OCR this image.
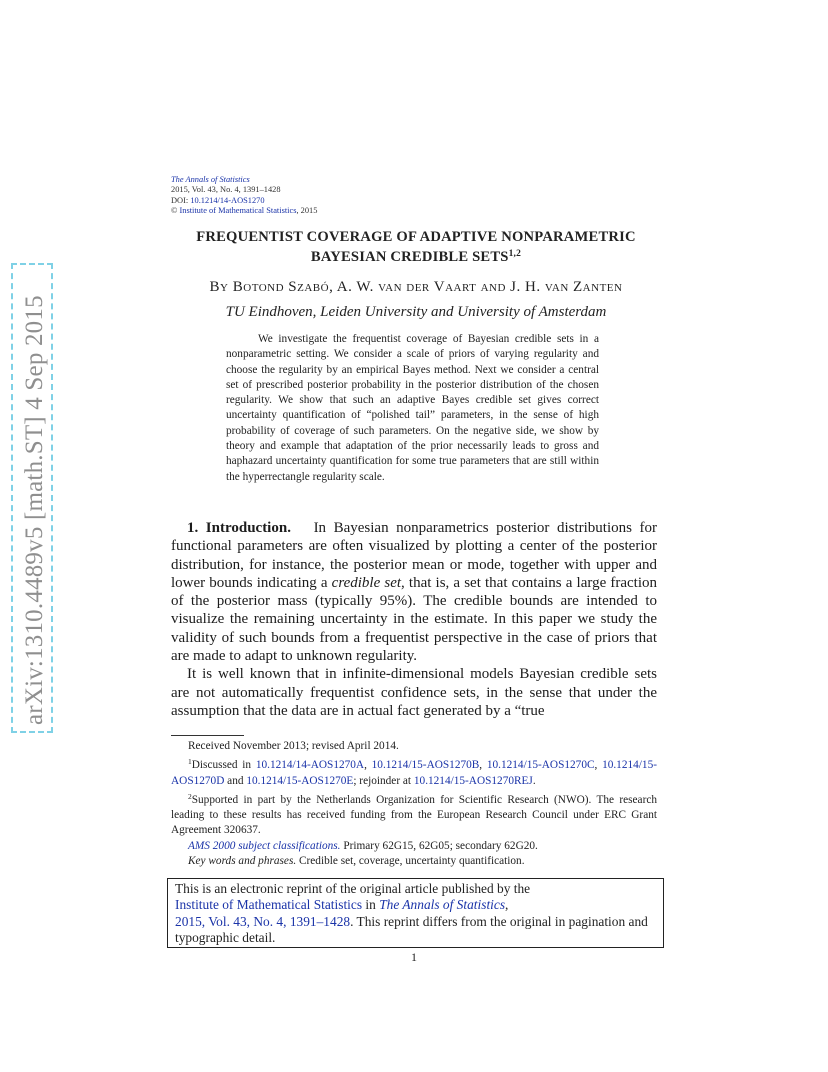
arXiv:1310.4489v5 [math.ST] 4 Sep 2015
The Annals of Statistics
2015, Vol. 43, No. 4, 1391–1428
DOI: 10.1214/14-AOS1270
© Institute of Mathematical Statistics, 2015
FREQUENTIST COVERAGE OF ADAPTIVE NONPARAMETRIC
BAYESIAN CREDIBLE SETS$^{1,2}$
By Botond Szabó, A. W. van der Vaart and J. H. van Zanten
TU Eindhoven, Leiden University and University of Amsterdam
We investigate the frequentist coverage of Bayesian credible sets in a nonparametric setting. We consider a scale of priors of varying regularity and choose the regularity by an empirical Bayes method. Next we consider a central set of prescribed posterior probability in the posterior distribution of the chosen regularity. We show that such an adaptive Bayes credible set gives correct uncertainty quantification of “polished tail” parameters, in the sense of high probability of coverage of such parameters. On the negative side, we show by theory and example that adaptation of the prior necessarily leads to gross and haphazard uncertainty quantification for some true parameters that are still within the hyperrectangle regularity scale.

1. Introduction. In Bayesian nonparametrics posterior distributions for functional parameters are often visualized by plotting a center of the posterior distribution, for instance, the posterior mean or mode, together with upper and lower bounds indicating a credible set, that is, a set that contains a large fraction of the posterior mass (typically 95%). The credible bounds are intended to visualize the remaining uncertainty in the estimate. In this paper we study the validity of such bounds from a frequentist perspective in the case of priors that are made to adapt to unknown regularity.

It is well known that in infinite-dimensional models Bayesian credible sets are not automatically frequentist confidence sets, in the sense that under the assumption that the data are in actual fact generated by a “true

Received November 2013; revised April 2014.

$^1$Discussed in 10.1214/14-AOS1270A, 10.1214/15-AOS1270B, 10.1214/15-AOS1270C, 10.1214/15-AOS1270D and 10.1214/15-AOS1270E; rejoinder at 10.1214/15-AOS1270REJ.

$^2$Supported in part by the Netherlands Organization for Scientific Research (NWO). The research leading to these results has received funding from the European Research Council under ERC Grant Agreement 320637.

AMS 2000 subject classifications. Primary 62G15, 62G05; secondary 62G20.

Key words and phrases. Credible set, coverage, uncertainty quantification.

This is an electronic reprint of the original article published by the
Institute of Mathematical Statistics in The Annals of Statistics,
2015, Vol. 43, No. 4, 1391–1428. This reprint differs from the original in pagination and typographic detail.
1
